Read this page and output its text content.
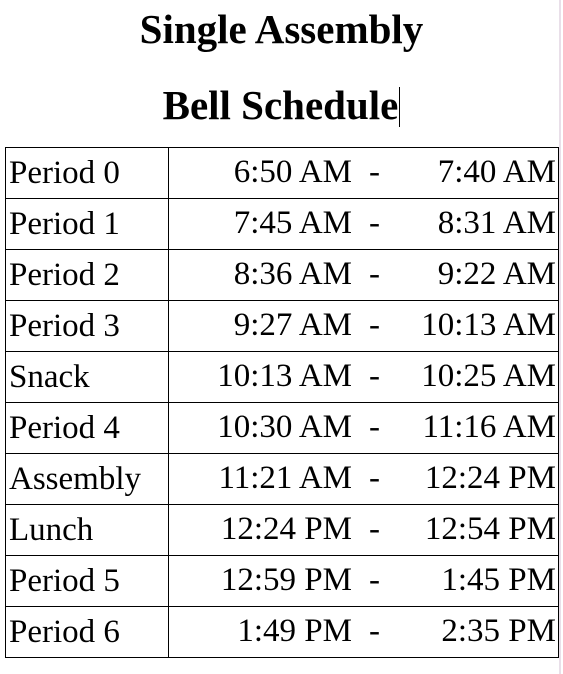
Single Assembly
Bell Schedule
Period 0	6:50 AM - 7:40 AM

Period 1	7:45 AM - 8:31 AM

Period 2	8:36 AM - 9:22 AM

Period 3	9:27 AM - 10:13 AM

Snack	10:13 AM - 10:25 AM

Period 4	10:30 AM - 11:16 AM

Assembly	11:21 AM - 12:24 PM

Lunch	12:24 PM - 12:54 PM

Period 5	12:59 PM - 1:45 PM

Period 6	1:49 PM - 2:35 PM
